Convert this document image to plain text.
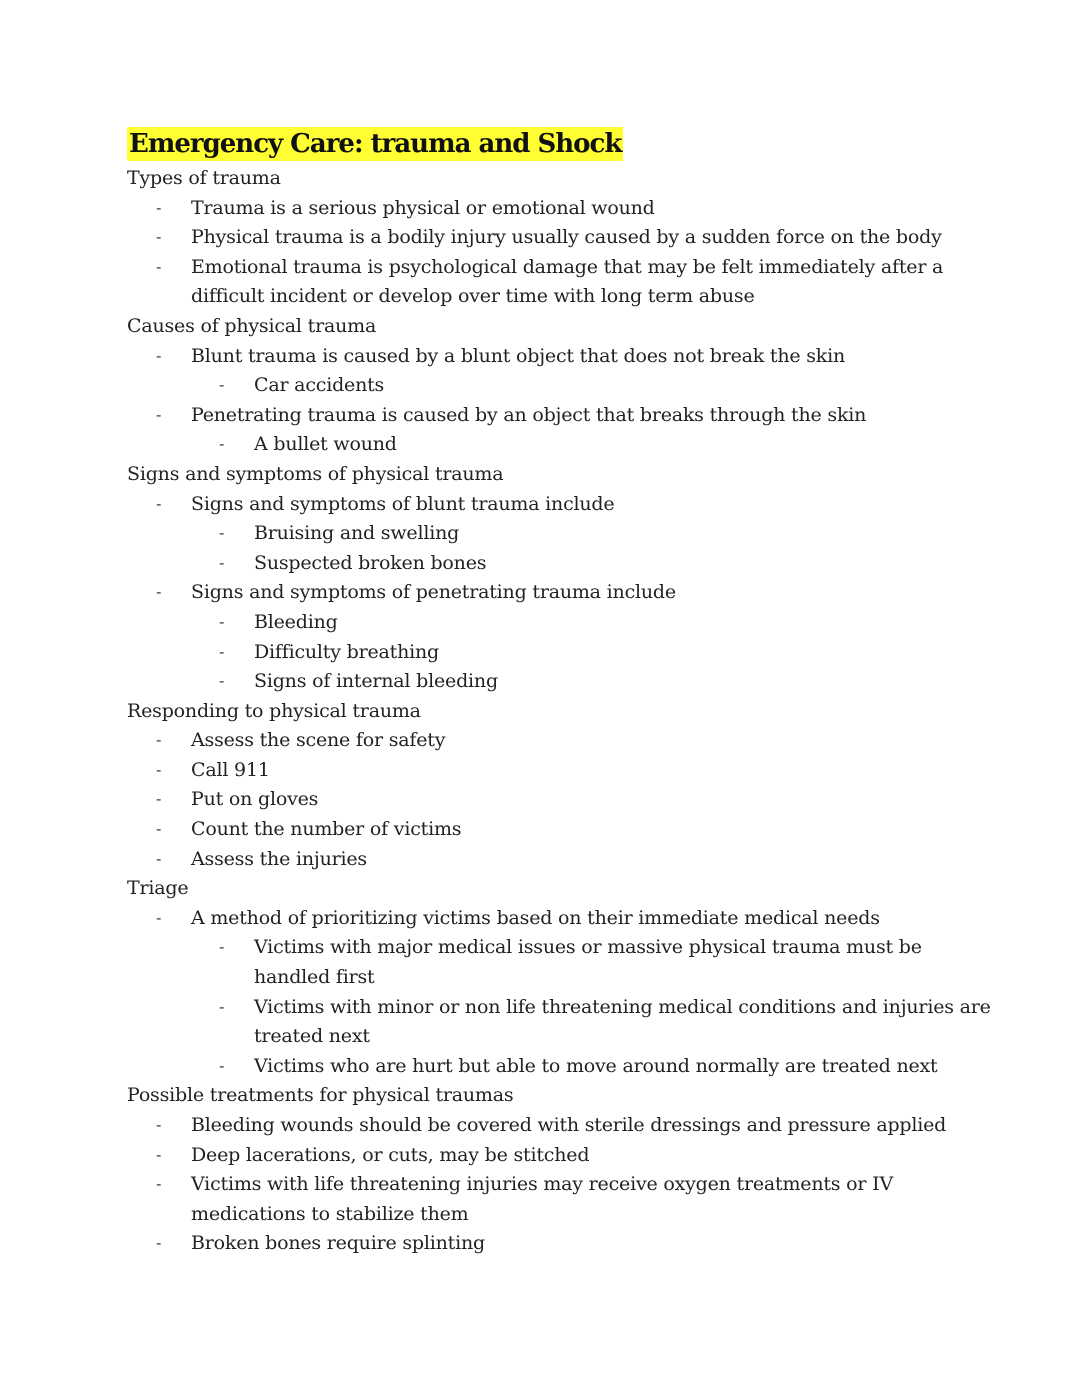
Emergency Care: trauma and Shock
Types of trauma
- Trauma is a serious physical or emotional wound
- Physical trauma is a bodily injury usually caused by a sudden force on the body
- Emotional trauma is psychological damage that may be felt immediately after a
difficult incident or develop over time with long term abuse
Causes of physical trauma
- Blunt trauma is caused by a blunt object that does not break the skin
- Car accidents
- Penetrating trauma is caused by an object that breaks through the skin
- A bullet wound
Signs and symptoms of physical trauma
- Signs and symptoms of blunt trauma include
- Bruising and swelling
- Suspected broken bones
- Signs and symptoms of penetrating trauma include
- Bleeding
- Difficulty breathing
- Signs of internal bleeding
Responding to physical trauma
- Assess the scene for safety
- Call 911
- Put on gloves
- Count the number of victims
- Assess the injuries
Triage
- A method of prioritizing victims based on their immediate medical needs
- Victims with major medical issues or massive physical trauma must be
handled first
- Victims with minor or non life threatening medical conditions and injuries are
treated next
- Victims who are hurt but able to move around normally are treated next
Possible treatments for physical traumas
- Bleeding wounds should be covered with sterile dressings and pressure applied
- Deep lacerations, or cuts, may be stitched
- Victims with life threatening injuries may receive oxygen treatments or IV
medications to stabilize them
- Broken bones require splinting
